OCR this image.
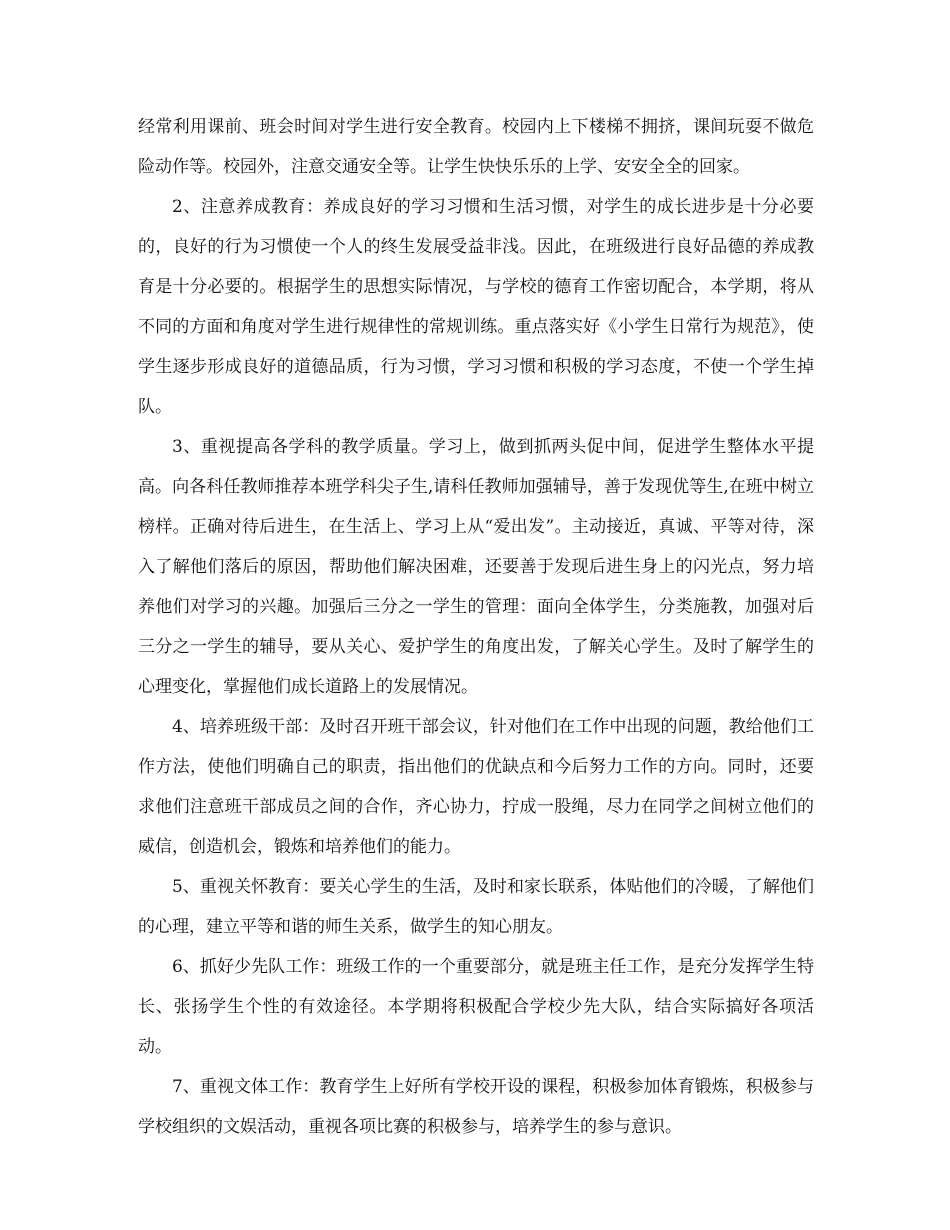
经常利用课前、班会时间对学生进行安全教育。校园内上下楼梯不拥挤，课间玩耍不做危险动作等。校园外，注意交通安全等。让学生快快乐乐的上学、安安全全的回家。

2、注意养成教育：养成良好的学习习惯和生活习惯，对学生的成长进步是十分必要的，良好的行为习惯使一个人的终生发展受益非浅。因此，在班级进行良好品德的养成教育是十分必要的。根据学生的思想实际情况，与学校的德育工作密切配合，本学期，将从不同的方面和角度对学生进行规律性的常规训练。重点落实好《小学生日常行为规范》，使学生逐步形成良好的道德品质，行为习惯，学习习惯和积极的学习态度，不使一个学生掉队。

3、重视提高各学科的教学质量。学习上，做到抓两头促中间，促进学生整体水平提高。向各科任教师推荐本班学科尖子生,请科任教师加强辅导，善于发现优等生,在班中树立榜样。正确对待后进生，在生活上、学习上从“爱出发”。主动接近，真诚、平等对待，深入了解他们落后的原因，帮助他们解决困难，还要善于发现后进生身上的闪光点，努力培养他们对学习的兴趣。加强后三分之一学生的管理：面向全体学生，分类施教，加强对后三分之一学生的辅导，要从关心、爱护学生的角度出发，了解关心学生。及时了解学生的心理变化，掌握他们成长道路上的发展情况。

4、培养班级干部：及时召开班干部会议，针对他们在工作中出现的问题，教给他们工作方法，使他们明确自己的职责，指出他们的优缺点和今后努力工作的方向。同时，还要求他们注意班干部成员之间的合作，齐心协力，拧成一股绳，尽力在同学之间树立他们的威信，创造机会，锻炼和培养他们的能力。

5、重视关怀教育：要关心学生的生活，及时和家长联系，体贴他们的冷暖，了解他们的心理，建立平等和谐的师生关系，做学生的知心朋友。

6、抓好少先队工作：班级工作的一个重要部分，就是班主任工作，是充分发挥学生特长、张扬学生个性的有效途径。本学期将积极配合学校少先大队，结合实际搞好各项活动。

7、重视文体工作：教育学生上好所有学校开设的课程，积极参加体育锻炼，积极参与学校组织的文娱活动，重视各项比赛的积极参与，培养学生的参与意识。
